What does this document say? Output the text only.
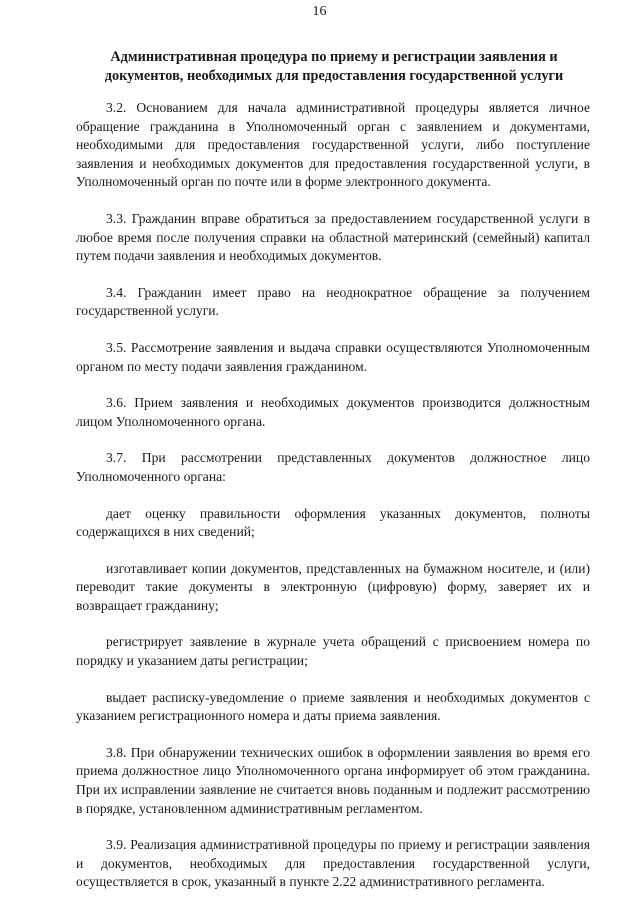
16
Административная процедура по приему и регистрации заявления и документов, необходимых для предоставления государственной услуги

3.2. Основанием для начала административной процедуры является личное обращение гражданина в Уполномоченный орган с заявлением и документами, необходимыми для предоставления государственной услуги, либо поступление заявления и необходимых документов для предоставления государственной услуги, в Уполномоченный орган по почте или в форме электронного документа.

3.3. Гражданин вправе обратиться за предоставлением государственной услуги в любое время после получения справки на областной материнский (семейный) капитал путем подачи заявления и необходимых документов.

3.4. Гражданин имеет право на неоднократное обращение за получением государственной услуги.

3.5. Рассмотрение заявления и выдача справки осуществляются Уполномоченным органом по месту подачи заявления гражданином.

3.6. Прием заявления и необходимых документов производится должностным лицом Уполномоченного органа.

3.7. При рассмотрении представленных документов должностное лицо Уполномоченного органа:

дает оценку правильности оформления указанных документов, полноты содержащихся в них сведений;

изготавливает копии документов, представленных на бумажном носителе, и (или) переводит такие документы в электронную (цифровую) форму, заверяет их и возвращает гражданину;

регистрирует заявление в журнале учета обращений с присвоением номера по порядку и указанием даты регистрации;

выдает расписку-уведомление о приеме заявления и необходимых документов с указанием регистрационного номера и даты приема заявления.

3.8. При обнаружении технических ошибок в оформлении заявления во время его приема должностное лицо Уполномоченного органа информирует об этом гражданина. При их исправлении заявление не считается вновь поданным и подлежит рассмотрению в порядке, установленном административным регламентом.

3.9. Реализация административной процедуры по приему и регистрации заявления и документов, необходимых для предоставления государственной услуги, осуществляется в срок, указанный в пункте 2.22 административного регламента.
